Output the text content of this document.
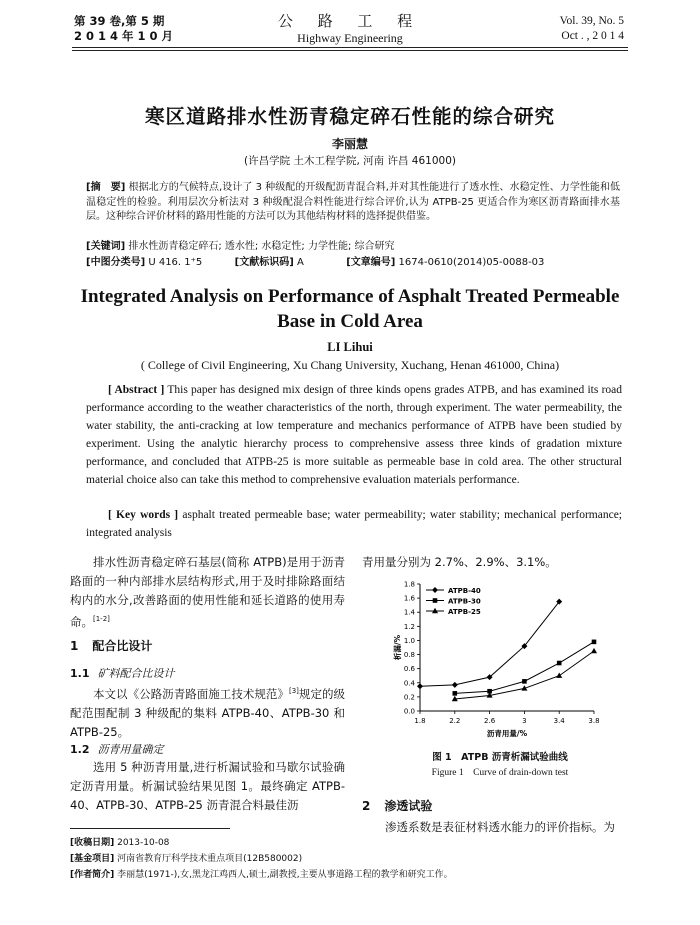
第 39 卷,第 5 期
2 0 1 4 年 1 0 月
公 路 工 程
Highway Engineering
Vol. 39, No. 5
Oct . , 2 0 1 4
寒区道路排水性沥青稳定碎石性能的综合研究
李丽慧
(许昌学院 土木工程学院, 河南 许昌 461000)
[摘　要] 根据北方的气候特点,设计了 3 种级配的开级配沥青混合料,并对其性能进行了透水性、水稳定性、力学性能和低温稳定性的检验。利用层次分析法对 3 种级配混合料性能进行综合评价,认为 ATPB-25 更适合作为寒区沥青路面排水基层。这种综合评价材料的路用性能的方法可以为其他结构材料的选择提供借鉴。
[关键词] 排水性沥青稳定碎石; 透水性; 水稳定性; 力学性能; 综合研究
[中图分类号] U 416. 1⁺5	[文献标识码] A	[文章编号] 1674-0610(2014)05-0088-03
Integrated Analysis on Performance of Asphalt Treated Permeable
Base in Cold Area
LI Lihui
( College of Civil Engineering, Xu Chang University, Xuchang, Henan 461000, China)
[ Abstract ] This paper has designed mix design of three kinds opens grades ATPB, and has examined its road performance according to the weather characteristics of the north, through experiment. The water permeability, the water stability, the anti-cracking at low temperature and mechanics performance of ATPB have been studied by experiment. Using the analytic hierarchy process to comprehensive assess three kinds of gradation mixture performance, and concluded that ATPB-25 is more suitable as permeable base in cold area. The other structural material choice also can take this method to comprehensive evaluation materials performance.
[ Key words ] asphalt treated permeable base; water permeability; water stability; mechanical performance; integrated analysis
排水性沥青稳定碎石基层(简称 ATPB)是用于沥青路面的一种内部排水层结构形式,用于及时排除路面结构内的水分,改善路面的使用性能和延长道路的使用寿命。[1-2]
1 配合比设计
1.1 矿料配合比设计
本文以《公路沥青路面施工技术规范》[3]规定的级配范围配制 3 种级配的集料 ATPB-40、ATPB-30 和 ATPB-25。
1.2 沥青用量确定
选用 5 种沥青用量,进行析漏试验和马歇尔试验确定沥青用量。析漏试验结果见图 1。最终确定 ATPB-40、ATPB-30、ATPB-25 沥青混合料最佳沥
青用量分别为 2.7%、2.9%、3.1%。
0.0
0.2
0.4
0.6
0.8
1.0
1.2
1.4
1.6
1.8
1.8	2.2	2.6	3	3.4	3.8
沥青用量/%
析漏/%
ATPB-40
ATPB-30
ATPB-25
图 1　ATPB 沥青析漏试验曲线
Figure 1　Curve of drain-down test
2 渗透试验
渗透系数是表征材料透水能力的评价指标。为
[收稿日期] 2013-10-08
[基金项目] 河南省教育厅科学技术重点项目(12B580002)
[作者简介] 李丽慧(1971-),女,黑龙江鸡西人,硕士,副教授,主要从事道路工程的教学和研究工作。
